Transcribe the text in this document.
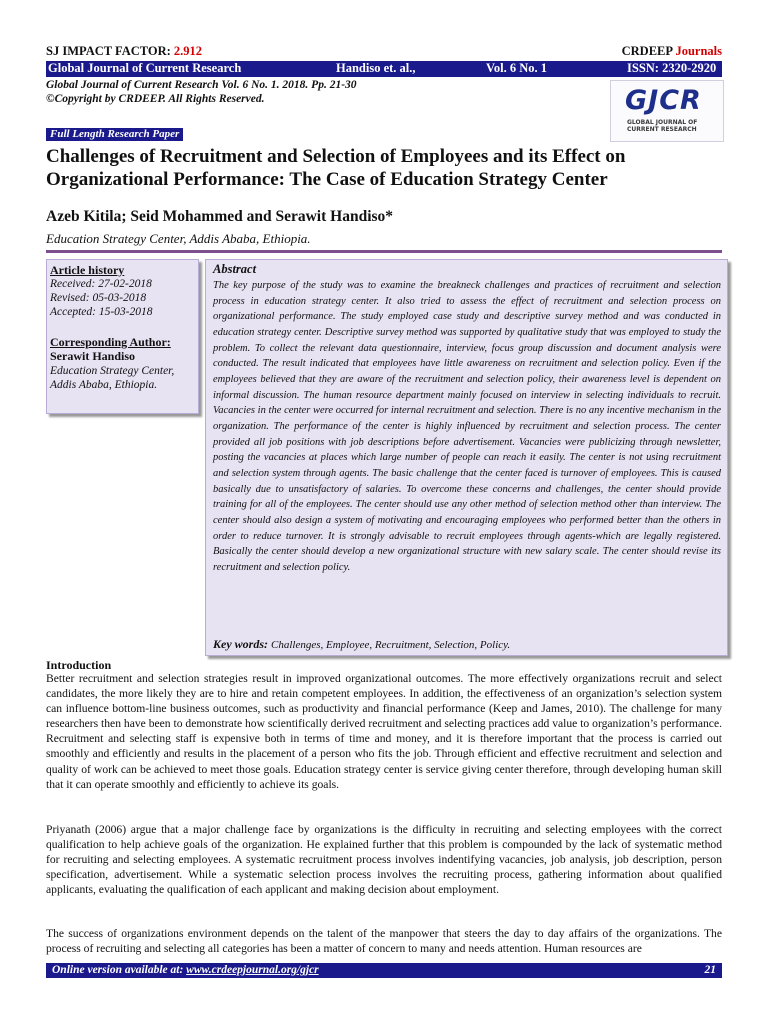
SJ IMPACT FACTOR: 2.912	CRDEEP Journals
Global Journal of Current Research	Handiso et. al.,	Vol. 6 No. 1	ISSN: 2320-2920
Global Journal of Current Research Vol. 6 No. 1. 2018. Pp. 21-30
©Copyright by CRDEEP. All Rights Reserved.	GJCR
GLOBAL JOURNAL OF
CURRENT RESEARCH
Full Length Research Paper
Challenges of Recruitment and Selection of Employees and its Effect on
Organizational Performance: The Case of Education Strategy Center
Azeb Kitila; Seid Mohammed and Serawit Handiso*
Education Strategy Center, Addis Ababa, Ethiopia.
Article history
Received: 27-02-2018
Revised: 05-03-2018
Accepted: 15-03-2018
Corresponding Author:
Serawit Handiso
Education Strategy Center,
Addis Ababa, Ethiopia.
Abstract
The key purpose of the study was to examine the breakneck challenges and practices of recruitment and selection process in education strategy center. It also tried to assess the effect of recruitment and selection process on organizational performance. The study employed case study and descriptive survey method and was conducted in education strategy center. Descriptive survey method was supported by qualitative study that was employed to study the problem. To collect the relevant data questionnaire, interview, focus group discussion and document analysis were conducted. The result indicated that employees have little awareness on recruitment and selection policy. Even if the employees believed that they are aware of the recruitment and selection policy, their awareness level is dependent on informal discussion. The human resource department mainly focused on interview in selecting individuals to recruit. Vacancies in the center were occurred for internal recruitment and selection. There is no any incentive mechanism in the organization. The performance of the center is highly influenced by recruitment and selection process. The center provided all job positions with job descriptions before advertisement. Vacancies were publicizing through newsletter, posting the vacancies at places which large number of people can reach it easily. The center is not using recruitment and selection system through agents. The basic challenge that the center faced is turnover of employees. This is caused basically due to unsatisfactory of salaries. To overcome these concerns and challenges, the center should provide training for all of the employees. The center should use any other method of selection method other than interview. The center should also design a system of motivating and encouraging employees who performed better than the others in order to reduce turnover. It is strongly advisable to recruit employees through agents-which are legally registered. Basically the center should develop a new organizational structure with new salary scale. The center should revise its recruitment and selection policy.
Key words: Challenges, Employee, Recruitment, Selection, Policy.
Introduction
Better recruitment and selection strategies result in improved organizational outcomes. The more effectively organizations recruit and select candidates, the more likely they are to hire and retain competent employees. In addition, the effectiveness of an organization’s selection system can influence bottom-line business outcomes, such as productivity and financial performance (Keep and James, 2010). The challenge for many researchers then have been to demonstrate how scientifically derived recruitment and selecting practices add value to organization’s performance. Recruitment and selecting staff is expensive both in terms of time and money, and it is therefore important that the process is carried out smoothly and efficiently and results in the placement of a person who fits the job. Through efficient and effective recruitment and selection and quality of work can be achieved to meet those goals. Education strategy center is service giving center therefore, through developing human skill that it can operate smoothly and efficiently to achieve its goals.
Priyanath (2006) argue that a major challenge face by organizations is the difficulty in recruiting and selecting employees with the correct qualification to help achieve goals of the organization. He explained further that this problem is compounded by the lack of systematic method for recruiting and selecting employees. A systematic recruitment process involves indentifying vacancies, job analysis, job description, person specification, advertisement. While a systematic selection process involves the recruiting process, gathering information about qualified applicants, evaluating the qualification of each applicant and making decision about employment.
The success of organizations environment depends on the talent of the manpower that steers the day to day affairs of the organizations. The process of recruiting and selecting all categories has been a matter of concern to many and needs attention. Human resources are
Online version available at: www.crdeepjournal.org/gjcr	21
